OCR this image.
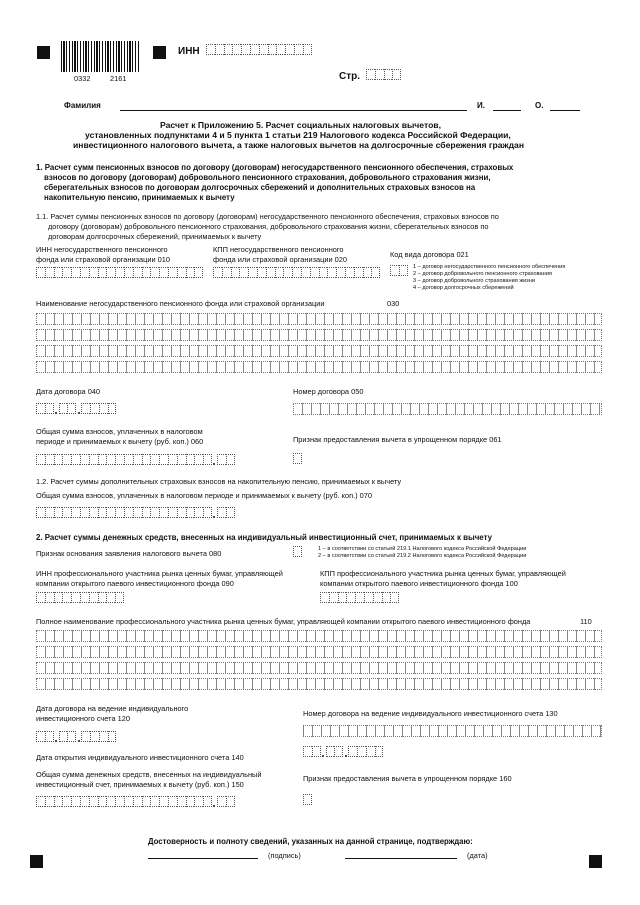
0332	2161
ИНН
Стр.
Фамилия	И.	О.
Расчет к Приложению 5. Расчет социальных налоговых вычетов,
установленных подпунктами 4 и 5 пункта 1 статьи 219 Налогового кодекса Российской Федерации,
инвестиционного налогового вычета, а также налоговых вычетов на долгосрочные сбережения граждан
1. Расчет сумм пенсионных взносов по договору (договорам) негосударственного пенсионного обеспечения, страховых
взносов по договору (договорам) добровольного пенсионного страхования, добровольного страхования жизни,
сберегательных взносов по договорам долгосрочных сбережений и дополнительных страховых взносов на
накопительную пенсию, принимаемых к вычету
1.1. Расчет суммы пенсионных взносов по договору (договорам) негосударственного пенсионного обеспечения, страховых взносов по
договору (договорам) добровольного пенсионного страхования, добровольного страхования жизни, сберегательных взносов по
договорам долгосрочных сбережений, принимаемых к вычету
ИНН негосударственного пенсионного
фонда или страховой организации 010
КПП негосударственного пенсионного
фонда или страховой организации 020
Код вида договора 021
1 – договор негосударственного пенсионного обеспечения
2 – договор добровольного пенсионного страхования
3 – договор добровольного страхования жизни
4 – договор долгосрочных сбережений
Наименование негосударственного пенсионного фонда или страховой организации	030
Дата договора 040	Номер договора 050
Общая сумма взносов, уплаченных в налоговом
периоде и принимаемых к вычету (руб. коп.) 060	Признак предоставления вычета в упрощенном порядке 061
1.2. Расчет суммы дополнительных страховых взносов на накопительную пенсию, принимаемых к вычету
Общая сумма взносов, уплаченных в налоговом периоде и принимаемых к вычету (руб. коп.) 070
2. Расчет суммы денежных средств, внесенных на индивидуальный инвестиционный счет, принимаемых к вычету
Признак основания заявления налогового вычета 080	1 – в соответствии со статьей 219.1 Налогового кодекса Российской Федерации
2 – в соответствии со статьей 219.2 Налогового кодекса Российской Федерации
ИНН профессионального участника рынка ценных бумаг, управляющей
компании открытого паевого инвестиционного фонда 090
КПП профессионального участника рынка ценных бумаг, управляющей
компании открытого паевого инвестиционного фонда 100
Полное наименование профессионального участника рынка ценных бумаг, управляющей компании открытого паевого инвестиционного фонда	110
Дата договора на ведение индивидуального
инвестиционного счета 120
Номер договора на ведение индивидуального инвестиционного счета 130
Дата открытия индивидуального инвестиционного счета 140
Общая сумма денежных средств, внесенных на индивидуальный
инвестиционный счет, принимаемых к вычету (руб. коп.) 150
Признак предоставления вычета в упрощенном порядке 160
Достоверность и полноту сведений, указанных на данной странице, подтверждаю:
(подпись)	(дата)
